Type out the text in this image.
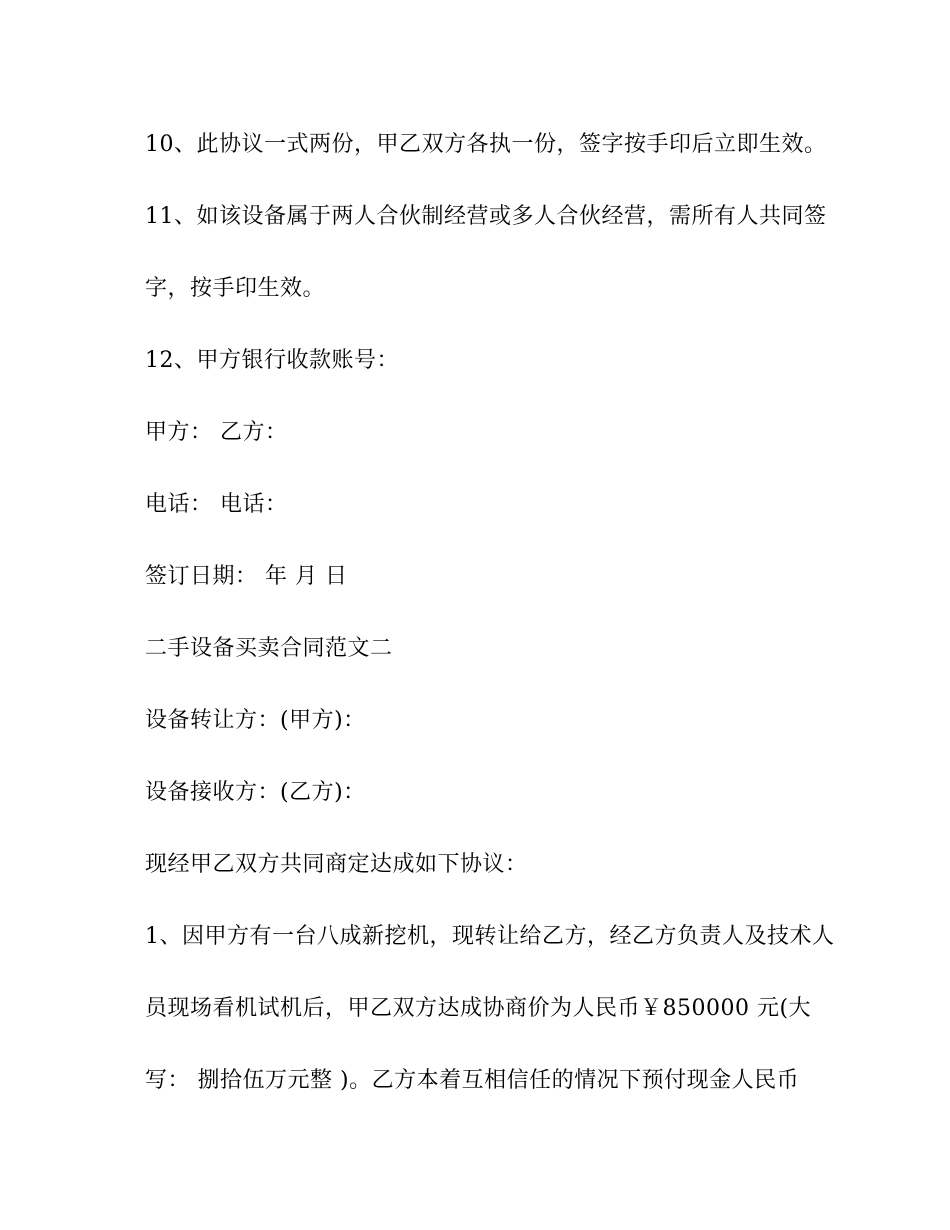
10、此协议一式两份，甲乙双方各执一份，签字按手印后立即生效。
11、如该设备属于两人合伙制经营或多人合伙经营，需所有人共同签
字，按手印生效。
12、甲方银行收款账号：
甲方： 乙方：
电话： 电话：
签订日期： 年 月 日
二手设备买卖合同范文二
设备转让方：(甲方)：
设备接收方：(乙方)：
现经甲乙双方共同商定达成如下协议：
1、因甲方有一台八成新挖机，现转让给乙方，经乙方负责人及技术人
员现场看机试机后，甲乙双方达成协商价为人民币￥850000 元(大
写： 捌拾伍万元整 )。乙方本着互相信任的情况下预付现金人民币
